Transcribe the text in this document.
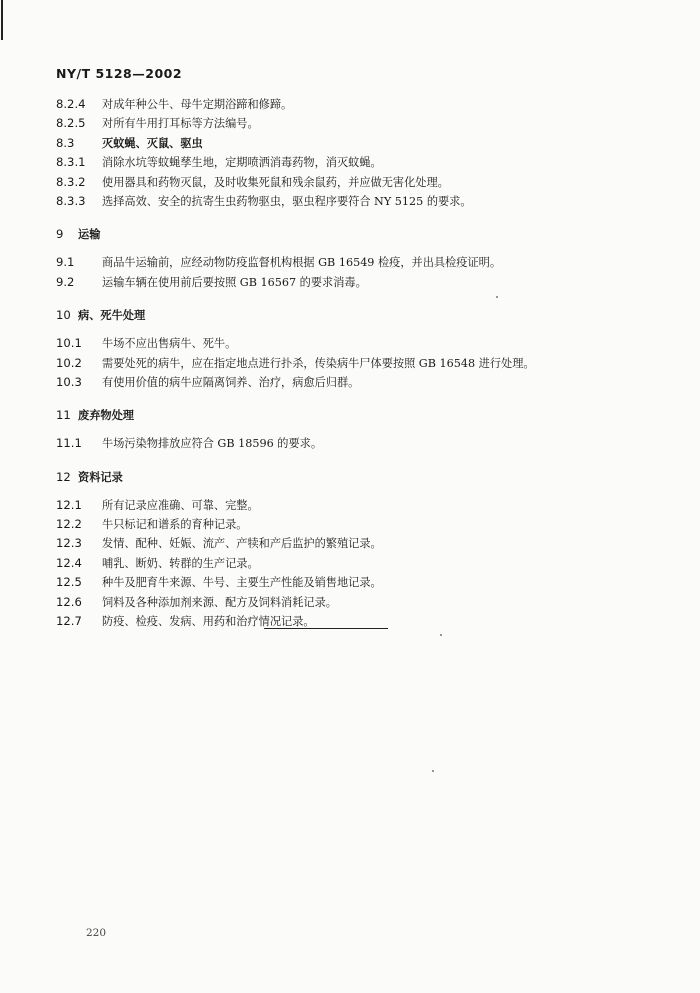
NY/T 5128—2002
8.2.4	对成年种公牛、母牛定期浴蹄和修蹄。
8.2.5	对所有牛用打耳标等方法编号。
8.3	灭蚊蝇、灭鼠、驱虫
8.3.1	消除水坑等蚊蝇孳生地，定期喷洒消毒药物，消灭蚊蝇。
8.3.2	使用器具和药物灭鼠，及时收集死鼠和残余鼠药，并应做无害化处理。
8.3.3	选择高效、安全的抗寄生虫药物驱虫，驱虫程序要符合 NY 5125 的要求。
9	运输
9.1	商品牛运输前，应经动物防疫监督机构根据 GB 16549 检疫，并出具检疫证明。
9.2	运输车辆在使用前后要按照 GB 16567 的要求消毒。
10 病、死牛处理
10.1	牛场不应出售病牛、死牛。
10.2	需要处死的病牛，应在指定地点进行扑杀，传染病牛尸体要按照 GB 16548 进行处理。
10.3	有使用价值的病牛应隔离饲养、治疗，病愈后归群。
11 废弃物处理
11.1	牛场污染物排放应符合 GB 18596 的要求。
12 资料记录
12.1	所有记录应准确、可靠、完整。
12.2	牛只标记和谱系的育种记录。
12.3	发情、配种、妊娠、流产、产犊和产后监护的繁殖记录。
12.4	哺乳、断奶、转群的生产记录。
12.5	种牛及肥育牛来源、牛号、主要生产性能及销售地记录。
12.6	饲料及各种添加剂来源、配方及饲料消耗记录。
12.7	防疫、检疫、发病、用药和治疗情况记录。
220
